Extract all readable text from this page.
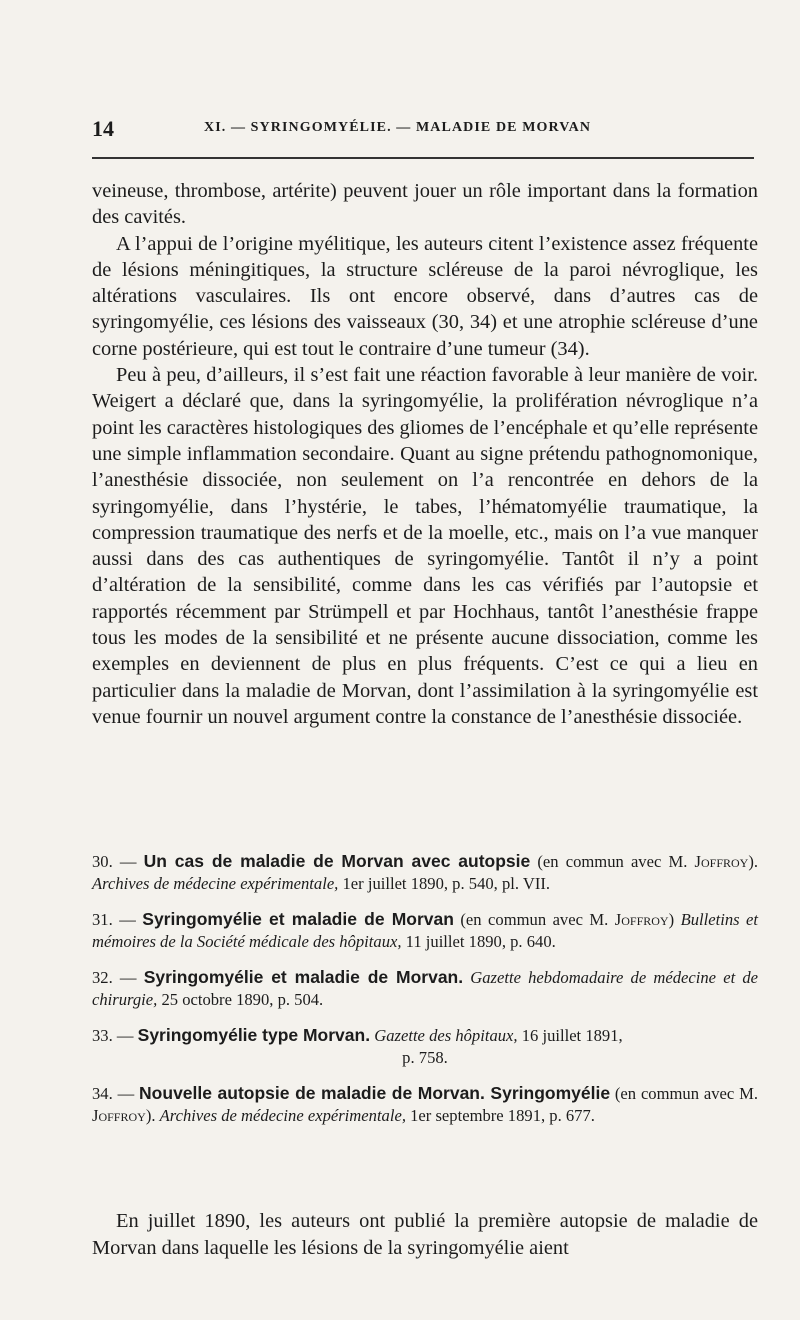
14	XI. — SYRINGOMYÉLIE. — MALADIE DE MORVAN

veineuse, thrombose, artérite) peuvent jouer un rôle important dans la formation des cavités.

A l’appui de l’origine myélitique, les auteurs citent l’existence assez fréquente de lésions méningitiques, la structure scléreuse de la paroi névroglique, les altérations vasculaires. Ils ont encore observé, dans d’autres cas de syringomyélie, ces lésions des vaisseaux (30, 34) et une atrophie scléreuse d’une corne postérieure, qui est tout le contraire d’une tumeur (34).

Peu à peu, d’ailleurs, il s’est fait une réaction favorable à leur manière de voir. Weigert a déclaré que, dans la syringomyélie, la prolifération névroglique n’a point les caractères histologiques des gliomes de l’encéphale et qu’elle représente une simple inflammation secondaire. Quant au signe prétendu pathognomonique, l’anesthésie dissociée, non seulement on l’a rencontrée en dehors de la syringomyélie, dans l’hystérie, le tabes, l’hématomyélie traumatique, la compression traumatique des nerfs et de la moelle, etc., mais on l’a vue manquer aussi dans des cas authentiques de syringomyélie. Tantôt il n’y a point d’altération de la sensibilité, comme dans les cas vérifiés par l’autopsie et rapportés récemment par Strümpell et par Hochhaus, tantôt l’anesthésie frappe tous les modes de la sensibilité et ne présente aucune dissociation, comme les exemples en deviennent de plus en plus fréquents. C’est ce qui a lieu en particulier dans la maladie de Morvan, dont l’assimilation à la syringomyélie est venue fournir un nouvel argument contre la constance de l’anesthésie dissociée.

30. — Un cas de maladie de Morvan avec autopsie (en commun avec M. Joffroy). Archives de médecine expérimentale, 1er juillet 1890, p. 540, pl. VII.

31. — Syringomyélie et maladie de Morvan (en commun avec M. Joffroy) Bulletins et mémoires de la Société médicale des hôpitaux, 11 juillet 1890, p. 640.

32. — Syringomyélie et maladie de Morvan. Gazette hebdomadaire de médecine et de chirurgie, 25 octobre 1890, p. 504.

33. — Syringomyélie type Morvan. Gazette des hôpitaux, 16 juillet 1891,
p. 758.

34. — Nouvelle autopsie de maladie de Morvan. Syringomyélie (en commun avec M. Joffroy). Archives de médecine expérimentale, 1er septembre 1891, p. 677.

En juillet 1890, les auteurs ont publié la première autopsie de maladie de Morvan dans laquelle les lésions de la syringomyélie aient
